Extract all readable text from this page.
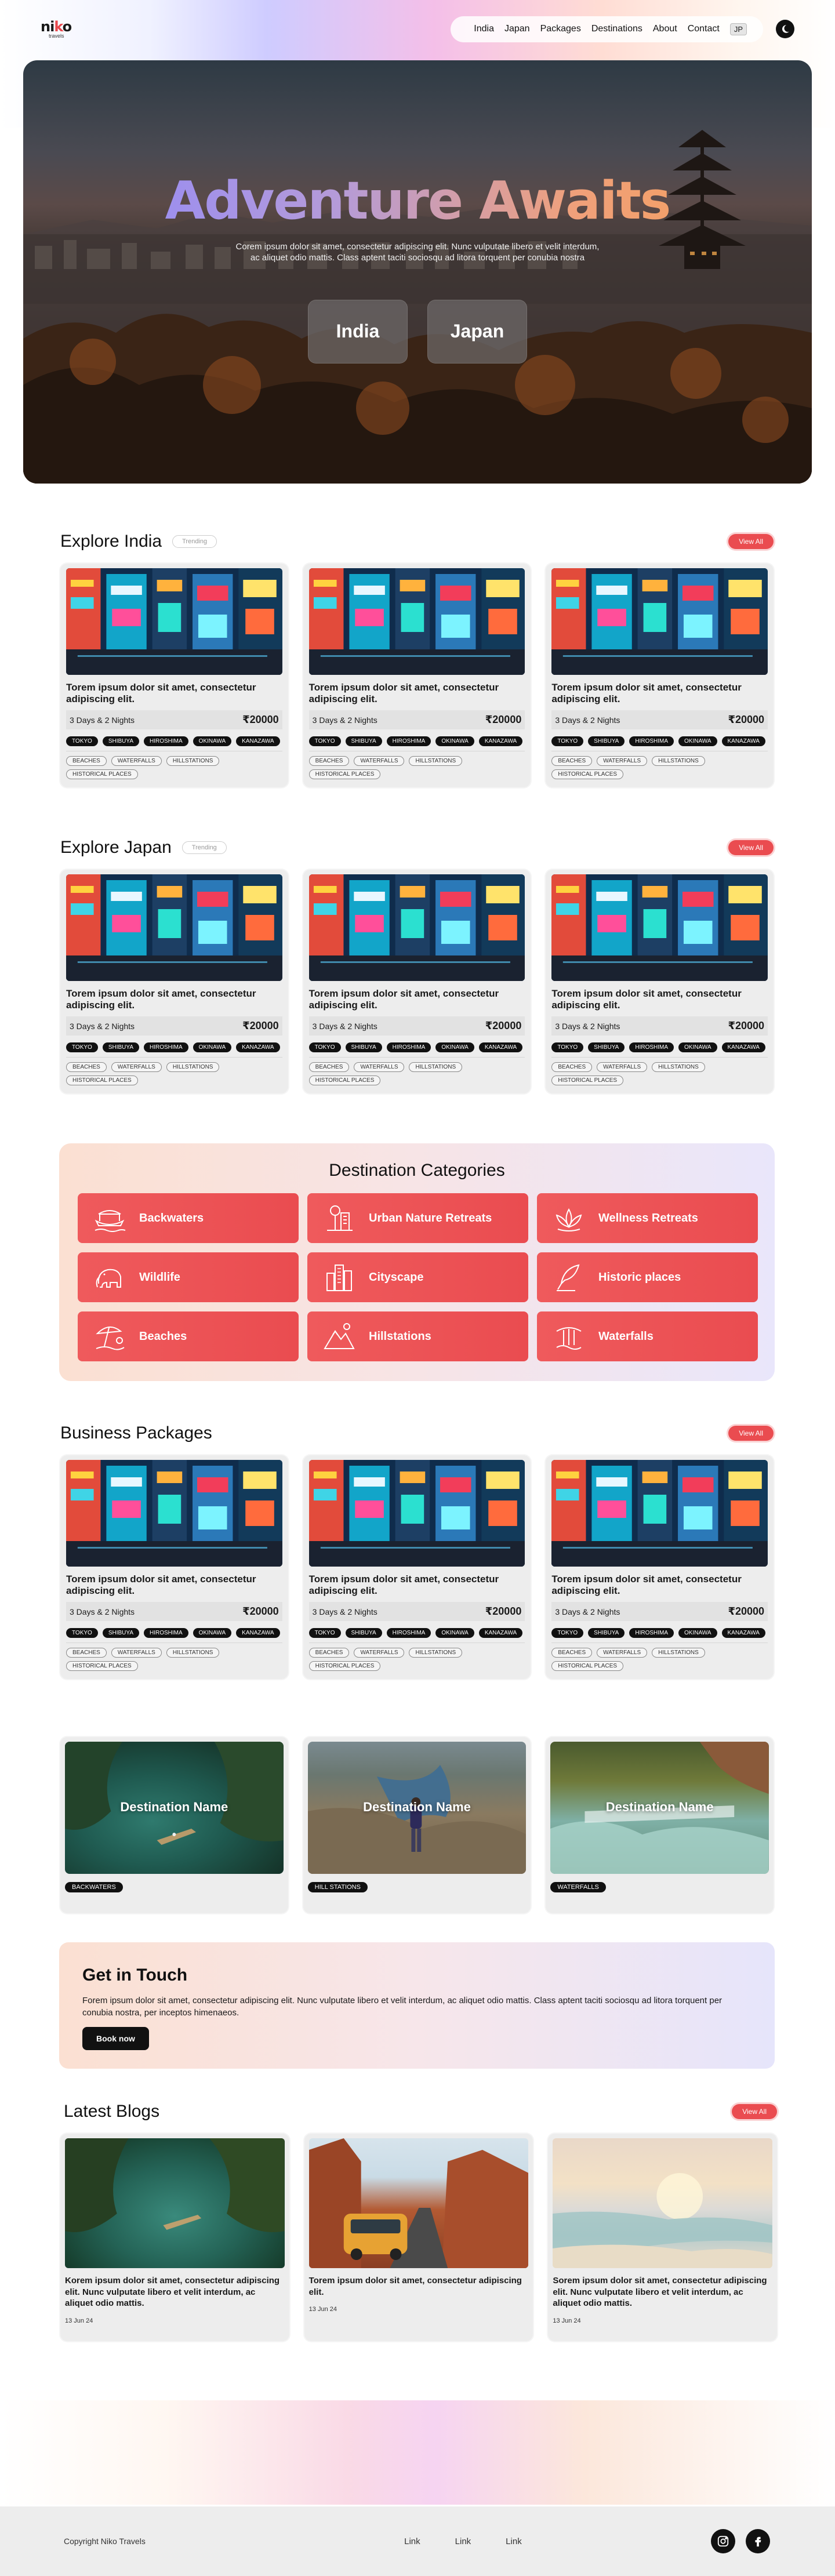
niko
travels
India Japan Packages Destinations About Contact	JP
Adventure Awaits
Corem ipsum dolor sit amet, consectetur adipiscing elit. Nunc vulputate libero et velit interdum, ac aliquet odio mattis. Class aptent taciti sociosqu ad litora torquent per conubia nostra
India	Japan
Explore India	Trending	View All
Torem ipsum dolor sit amet, consectetur adipiscing elit.
3 Days & 2 Nights	₹20000
TOKYO	SHIBUYA	HIROSHIMA	OKINAWA	KANAZAWA
BEACHES	WATERFALLS	HILLSTATIONS
HISTORICAL PLACES
Torem ipsum dolor sit amet, consectetur adipiscing elit.
3 Days & 2 Nights	₹20000
TOKYO	SHIBUYA	HIROSHIMA	OKINAWA	KANAZAWA
BEACHES	WATERFALLS	HILLSTATIONS
HISTORICAL PLACES
Torem ipsum dolor sit amet, consectetur adipiscing elit.
3 Days & 2 Nights	₹20000
TOKYO	SHIBUYA	HIROSHIMA	OKINAWA	KANAZAWA
BEACHES	WATERFALLS	HILLSTATIONS
HISTORICAL PLACES
Explore Japan	Trending	View All
Torem ipsum dolor sit amet, consectetur adipiscing elit.
3 Days & 2 Nights	₹20000
TOKYO	SHIBUYA	HIROSHIMA	OKINAWA	KANAZAWA
BEACHES	WATERFALLS	HILLSTATIONS
HISTORICAL PLACES
Torem ipsum dolor sit amet, consectetur adipiscing elit.
3 Days & 2 Nights	₹20000
TOKYO	SHIBUYA	HIROSHIMA	OKINAWA	KANAZAWA
BEACHES	WATERFALLS	HILLSTATIONS
HISTORICAL PLACES
Torem ipsum dolor sit amet, consectetur adipiscing elit.
3 Days & 2 Nights	₹20000
TOKYO	SHIBUYA	HIROSHIMA	OKINAWA	KANAZAWA
BEACHES	WATERFALLS	HILLSTATIONS
HISTORICAL PLACES
Destination Categories
Backwaters	Urban Nature Retreats	Wellness Retreats
Wildlife	Cityscape	Historic places
Beaches	Hillstations	Waterfalls
Business Packages	View All
Torem ipsum dolor sit amet, consectetur adipiscing elit.
3 Days & 2 Nights	₹20000
TOKYO	SHIBUYA	HIROSHIMA	OKINAWA	KANAZAWA
BEACHES	WATERFALLS	HILLSTATIONS
HISTORICAL PLACES
Torem ipsum dolor sit amet, consectetur adipiscing elit.
3 Days & 2 Nights	₹20000
TOKYO	SHIBUYA	HIROSHIMA	OKINAWA	KANAZAWA
BEACHES	WATERFALLS	HILLSTATIONS
HISTORICAL PLACES
Torem ipsum dolor sit amet, consectetur adipiscing elit.
3 Days & 2 Nights	₹20000
TOKYO	SHIBUYA	HIROSHIMA	OKINAWA	KANAZAWA
BEACHES	WATERFALLS	HILLSTATIONS
HISTORICAL PLACES
Destination Name
BACKWATERS
Destination Name
HILL STATIONS
Destination Name
WATERFALLS
Get in Touch
Forem ipsum dolor sit amet, consectetur adipiscing elit. Nunc vulputate libero et velit interdum, ac aliquet odio mattis. Class aptent taciti sociosqu ad litora torquent per conubia nostra, per inceptos himenaeos.
Book now
Latest Blogs	View All
Korem ipsum dolor sit amet, consectetur adipiscing elit. Nunc vulputate libero et velit interdum, ac aliquet odio mattis.
13 Jun 24
Torem ipsum dolor sit amet, consectetur adipiscing elit.
13 Jun 24
Sorem ipsum dolor sit amet, consectetur adipiscing elit. Nunc vulputate libero et velit interdum, ac aliquet odio mattis.
13 Jun 24
Copyright Niko Travels	Link	Link	Link
